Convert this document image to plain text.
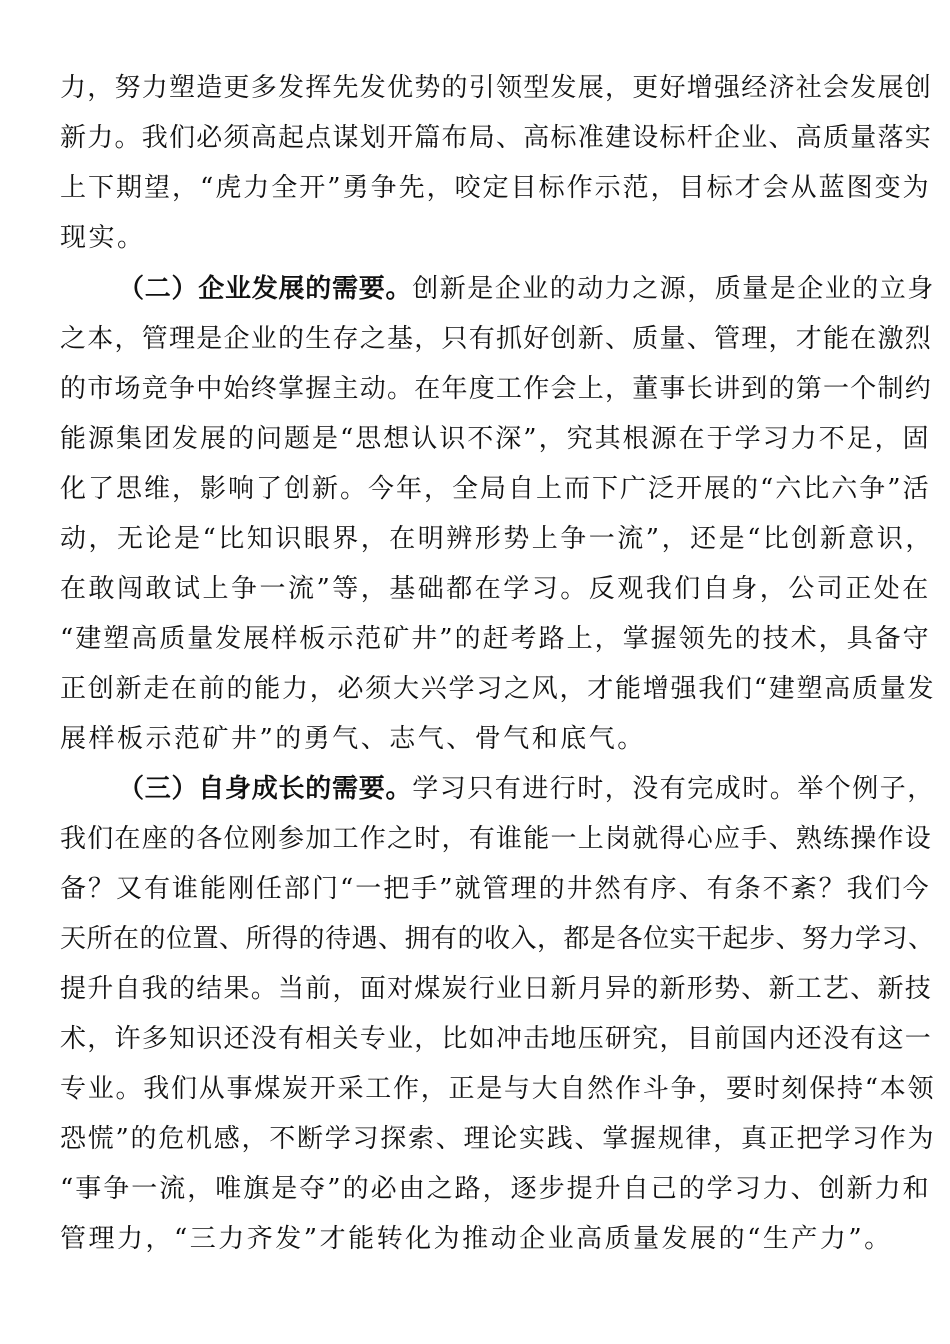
力，努力塑造更多发挥先发优势的引领型发展，更好增强经济社会发展创
新力。我们必须高起点谋划开篇布局、高标准建设标杆企业、高质量落实
上下期望，“虎力全开”勇争先，咬定目标作示范，目标才会从蓝图变为
现实。
（二）企业发展的需要。创新是企业的动力之源，质量是企业的立身
之本，管理是企业的生存之基，只有抓好创新、质量、管理，才能在激烈
的市场竞争中始终掌握主动。在年度工作会上，董事长讲到的第一个制约
能源集团发展的问题是“思想认识不深”，究其根源在于学习力不足，固
化了思维，影响了创新。今年，全局自上而下广泛开展的“六比六争”活
动，无论是“比知识眼界，在明辨形势上争一流”，还是“比创新意识，
在敢闯敢试上争一流”等，基础都在学习。反观我们自身，公司正处在
“建塑高质量发展样板示范矿井”的赶考路上，掌握领先的技术，具备守
正创新走在前的能力，必须大兴学习之风，才能增强我们“建塑高质量发
展样板示范矿井”的勇气、志气、骨气和底气。
（三）自身成长的需要。学习只有进行时，没有完成时。举个例子，
我们在座的各位刚参加工作之时，有谁能一上岗就得心应手、熟练操作设
备？又有谁能刚任部门“一把手”就管理的井然有序、有条不紊？我们今
天所在的位置、所得的待遇、拥有的收入，都是各位实干起步、努力学习、
提升自我的结果。当前，面对煤炭行业日新月异的新形势、新工艺、新技
术，许多知识还没有相关专业，比如冲击地压研究，目前国内还没有这一
专业。我们从事煤炭开采工作，正是与大自然作斗争，要时刻保持“本领
恐慌”的危机感，不断学习探索、理论实践、掌握规律，真正把学习作为
“事争一流，唯旗是夺”的必由之路，逐步提升自己的学习力、创新力和
管理力，“三力齐发”才能转化为推动企业高质量发展的“生产力”。
